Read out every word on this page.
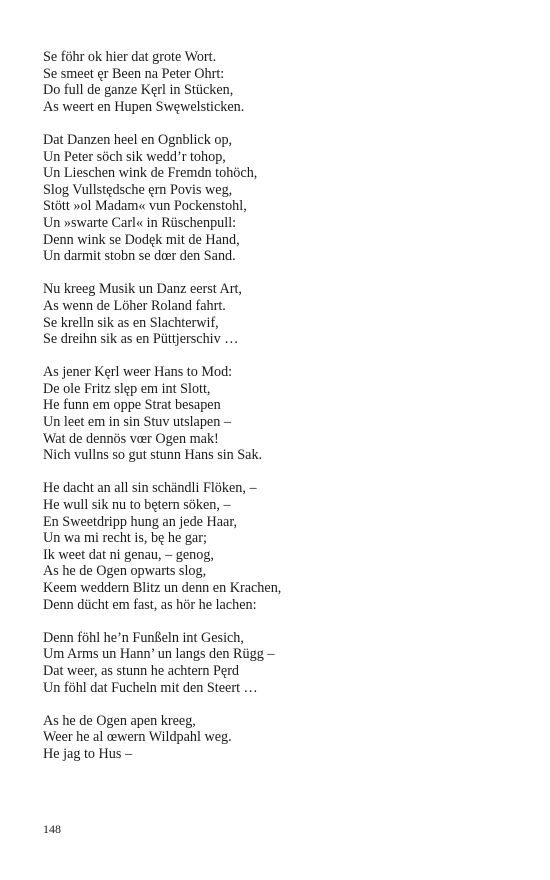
Se föhr ok hier dat grote Wort.
Se smeet ęr Been na Peter Ohrt:
Do full de ganze Kęrl in Stücken,
As weert en Hupen Swęwelsticken.
Dat Danzen heel en Ognblick op,
Un Peter söch sik wedd’r tohop,
Un Lieschen wink de Fremdn tohöch,
Slog Vullstędsche ęrn Povis weg,
Stött »ol Madam« vun Pockenstohl,
Un »swarte Carl« in Rüschenpull:
Denn wink se Dodęk mit de Hand,
Un darmit stobn se dœr den Sand.
Nu kreeg Musik un Danz eerst Art,
As wenn de Löher Roland fahrt.
Se krelln sik as en Slachterwif,
Se dreihn sik as en Püttjerschiv …
As jener Kęrl weer Hans to Mod:
De ole Fritz slęp em int Slott,
He funn em oppe Strat besapen
Un leet em in sin Stuv utslapen –
Wat de dennös vœr Ogen mak!
Nich vullns so gut stunn Hans sin Sak.
He dacht an all sin schändli Flöken, –
He wull sik nu to bętern söken, –
En Sweetdripp hung an jede Haar,
Un wa mi recht is, bę he gar;
Ik weet dat ni genau, – genog,
As he de Ogen opwarts slog,
Keem weddern Blitz un denn en Krachen,
Denn dücht em fast, as hör he lachen:
Denn föhl he’n Funßeln int Gesich,
Um Arms un Hann’ un langs den Rügg –
Dat weer, as stunn he achtern Pęrd
Un föhl dat Fucheln mit den Steert …
As he de Ogen apen kreeg,
Weer he al œwern Wildpahl weg.
He jag to Hus –
148
